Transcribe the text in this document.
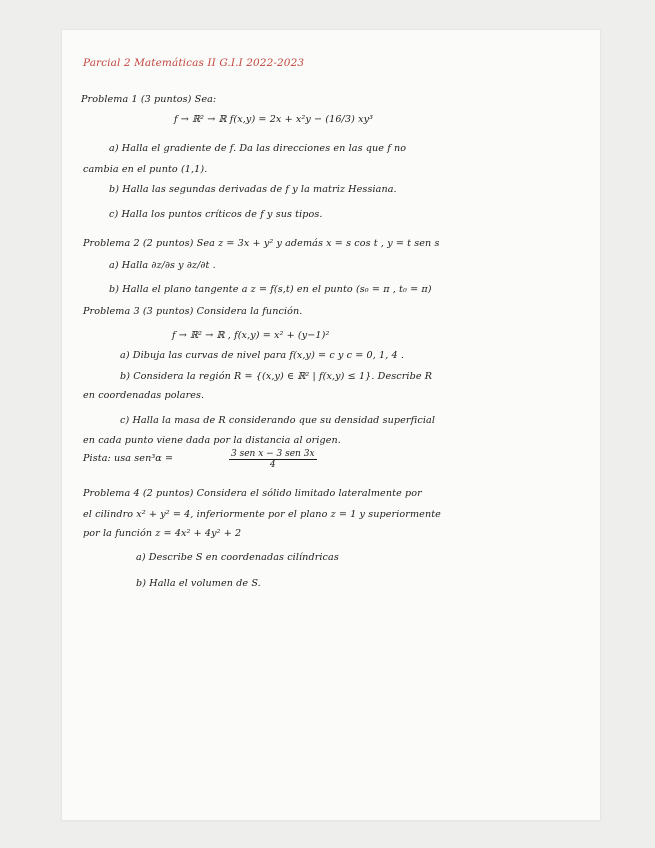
Parcial 2 Matemáticas II G.I.I 2022-2023
Problema 1 (3 puntos) Sea:
f → ℝ² → ℝ f(x,y) = 2x + x²y − (16/3) xy³
a) Halla el gradiente de f. Da las direcciones en las que f no
cambia en el punto (1,1).
b) Halla las segundas derivadas de f y la matriz Hessiana.
c) Halla los puntos críticos de f y sus tipos.
Problema 2 (2 puntos) Sea z = 3x + y² y además x = s cos t , y = t sen s
a) Halla ∂z/∂s y ∂z/∂t .
b) Halla el plano tangente a z = f(s,t) en el punto (s₀ = π , t₀ = π)
Problema 3 (3 puntos) Considera la función.
f → ℝ² → ℝ , f(x,y) = x² + (y−1)²
a) Dibuja las curvas de nivel para f(x,y) = c y c = 0, 1, 4 .
b) Considera la región R = {(x,y) ∈ ℝ² | f(x,y) ≤ 1}. Describe R
en coordenadas polares.
c) Halla la masa de R considerando que su densidad superficial
en cada punto viene dada por la distancia al origen.
Pista: usa sen³α =	3 sen x − 3 sen 3x
4
Problema 4 (2 puntos) Considera el sólido limitado lateralmente por
el cilindro x² + y² = 4, inferiormente por el plano z = 1 y superiormente
por la función z = 4x² + 4y² + 2
a) Describe S en coordenadas cilíndricas
b) Halla el volumen de S.
